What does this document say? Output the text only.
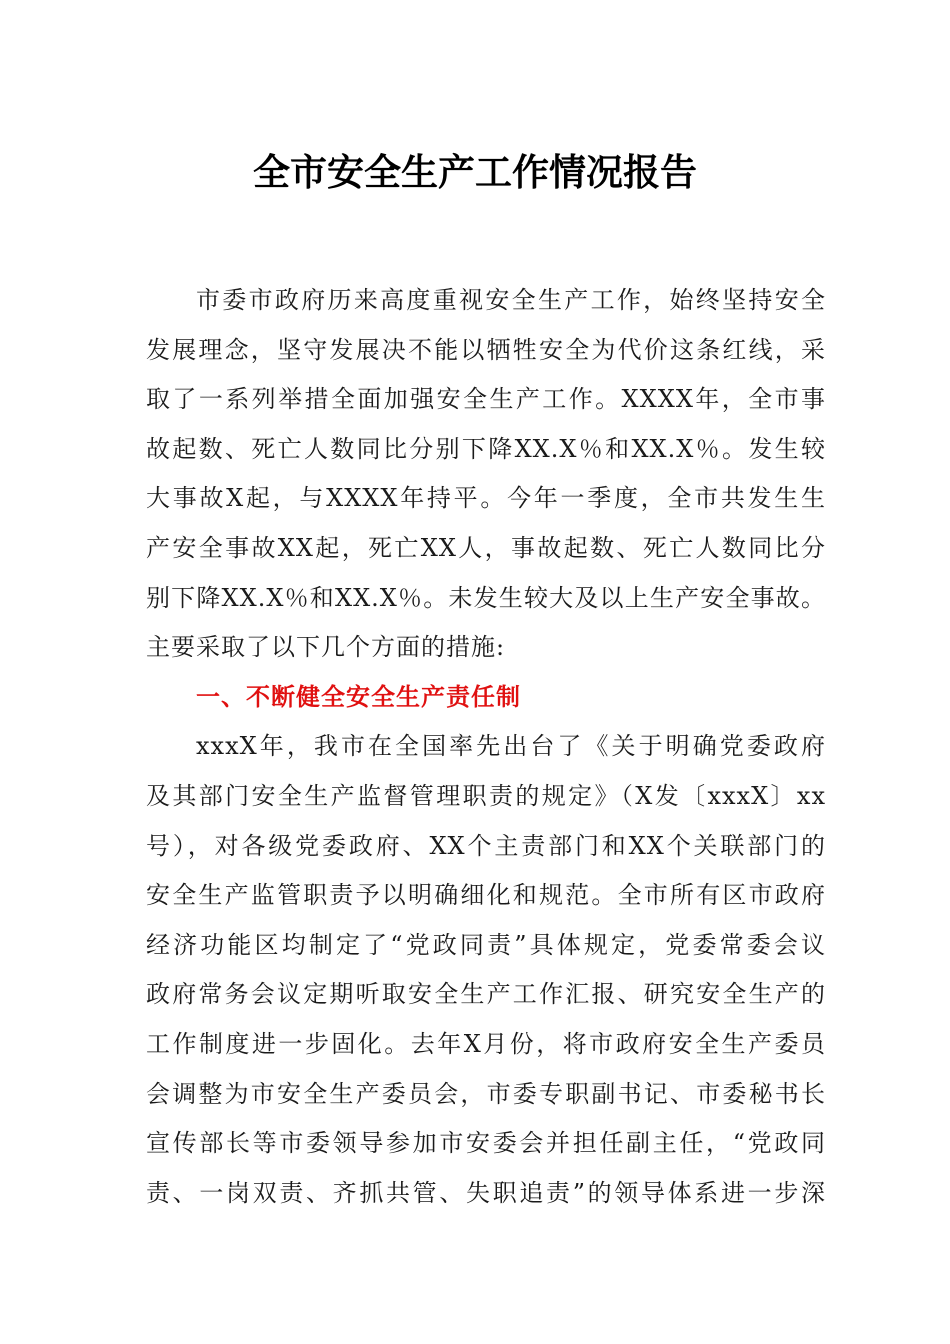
全市安全生产工作情况报告
市委市政府历来高度重视安全生产工作，始终坚持安全
发展理念，坚守发展决不能以牺牲安全为代价这条红线，采
取了一系列举措全面加强安全生产工作。XXXX年，全市事
故起数、死亡人数同比分别下降XX.X％和XX.X％。发生较
大事故X起，与XXXX年持平。今年一季度，全市共发生生
产安全事故XX起，死亡XX人，事故起数、死亡人数同比分
别下降XX.X％和XX.X％。未发生较大及以上生产安全事故。
主要采取了以下几个方面的措施:
一、不断健全安全生产责任制
xxxX年，我市在全国率先出台了《关于明确党委政府
及其部门安全生产监督管理职责的规定》（X发〔xxxX〕xx
号），对各级党委政府、XX个主责部门和XX个关联部门的
安全生产监管职责予以明确细化和规范。全市所有区市政府
经济功能区均制定了“党政同责”具体规定，党委常委会议
政府常务会议定期听取安全生产工作汇报、研究安全生产的
工作制度进一步固化。去年X月份，将市政府安全生产委员
会调整为市安全生产委员会，市委专职副书记、市委秘书长
宣传部长等市委领导参加市安委会并担任副主任，“党政同
责、一岗双责、齐抓共管、失职追责”的领导体系进一步深
